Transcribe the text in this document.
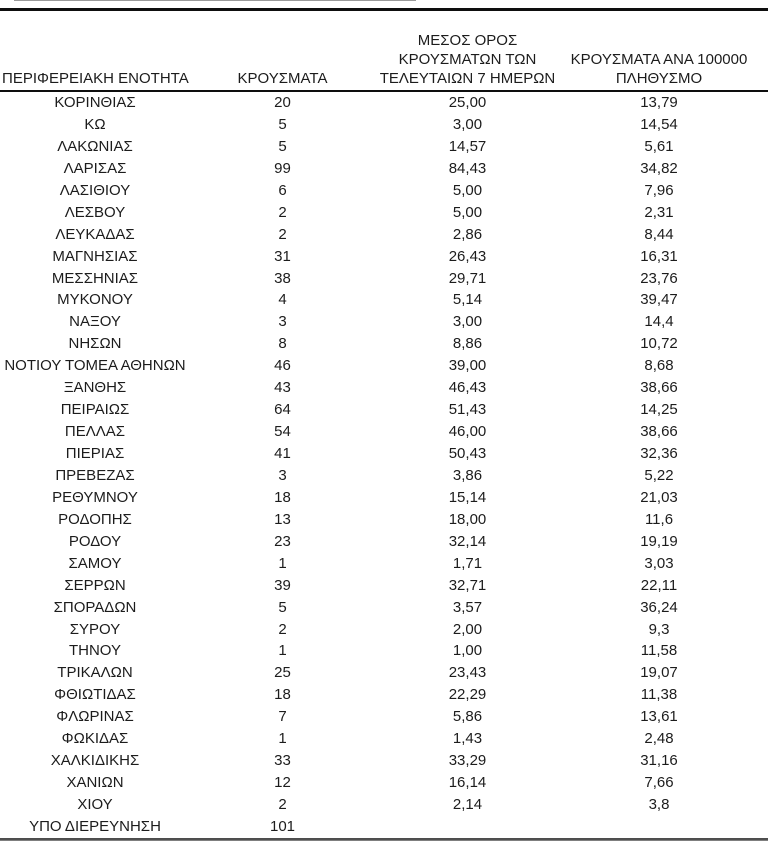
ΠΕΡΙΦΕΡΕΙΑΚΗ ΕΝΟΤΗΤΑ	ΚΡΟΥΣΜΑΤΑ	ΜΕΣΟΣ ΟΡΟΣ
ΚΡΟΥΣΜΑΤΩΝ ΤΩΝ
ΤΕΛΕΥΤΑΙΩΝ 7 ΗΜΕΡΩΝ	ΚΡΟΥΣΜΑΤΑ ΑΝΑ 100000
ΠΛΗΘΥΣΜΟ

ΚΟΡΙΝΘΙΑΣ	20	25,00	13,79
ΚΩ	5	3,00	14,54
ΛΑΚΩΝΙΑΣ	5	14,57	5,61
ΛΑΡΙΣΑΣ	99	84,43	34,82
ΛΑΣΙΘΙΟΥ	6	5,00	7,96
ΛΕΣΒΟΥ	2	5,00	2,31
ΛΕΥΚΑΔΑΣ	2	2,86	8,44
ΜΑΓΝΗΣΙΑΣ	31	26,43	16,31
ΜΕΣΣΗΝΙΑΣ	38	29,71	23,76
ΜΥΚΟΝΟΥ	4	5,14	39,47
ΝΑΞΟΥ	3	3,00	14,4
ΝΗΣΩΝ	8	8,86	10,72
ΝΟΤΙΟΥ ΤΟΜΕΑ ΑΘΗΝΩΝ	46	39,00	8,68
ΞΑΝΘΗΣ	43	46,43	38,66
ΠΕΙΡΑΙΩΣ	64	51,43	14,25
ΠΕΛΛΑΣ	54	46,00	38,66
ΠΙΕΡΙΑΣ	41	50,43	32,36
ΠΡΕΒΕΖΑΣ	3	3,86	5,22
ΡΕΘΥΜΝΟΥ	18	15,14	21,03
ΡΟΔΟΠΗΣ	13	18,00	11,6
ΡΟΔΟΥ	23	32,14	19,19
ΣΑΜΟΥ	1	1,71	3,03
ΣΕΡΡΩΝ	39	32,71	22,11
ΣΠΟΡΑΔΩΝ	5	3,57	36,24
ΣΥΡΟΥ	2	2,00	9,3
ΤΗΝΟΥ	1	1,00	11,58
ΤΡΙΚΑΛΩΝ	25	23,43	19,07
ΦΘΙΩΤΙΔΑΣ	18	22,29	11,38
ΦΛΩΡΙΝΑΣ	7	5,86	13,61
ΦΩΚΙΔΑΣ	1	1,43	2,48
ΧΑΛΚΙΔΙΚΗΣ	33	33,29	31,16
ΧΑΝΙΩΝ	12	16,14	7,66
ΧΙΟΥ	2	2,14	3,8
ΥΠΟ ΔΙΕΡΕΥΝΗΣΗ	101		
